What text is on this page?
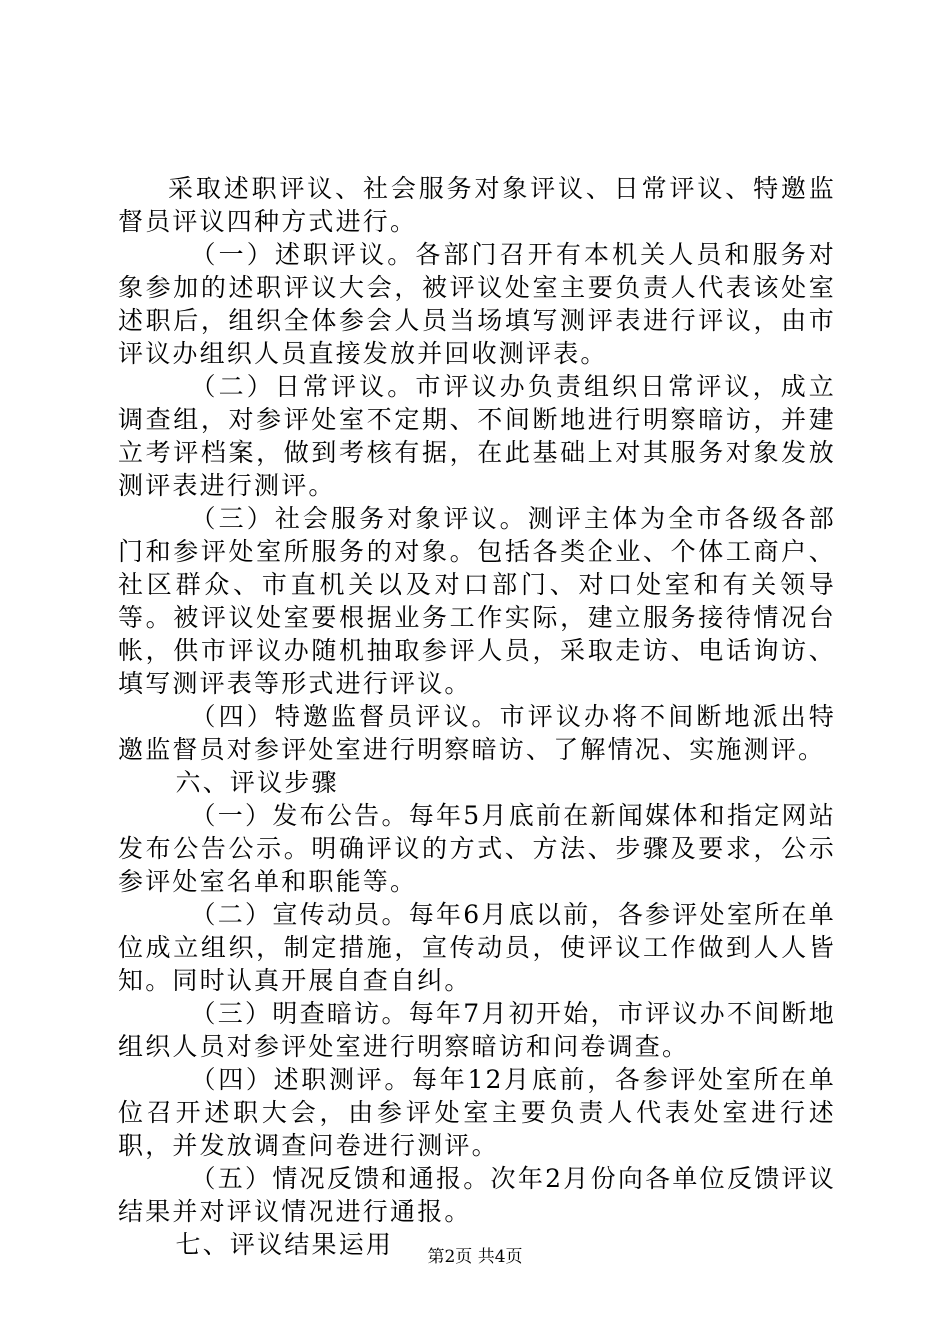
采取述职评议、社会服务对象评议、日常评议、特邀监督员评议四种方式进行。

（一）述职评议。各部门召开有本机关人员和服务对象参加的述职评议大会，被评议处室主要负责人代表该处室述职后，组织全体参会人员当场填写测评表进行评议，由市评议办组织人员直接发放并回收测评表。

（二）日常评议。市评议办负责组织日常评议，成立调查组，对参评处室不定期、不间断地进行明察暗访，并建立考评档案，做到考核有据，在此基础上对其服务对象发放测评表进行测评。

（三）社会服务对象评议。测评主体为全市各级各部门和参评处室所服务的对象。包括各类企业、个体工商户、社区群众、市直机关以及对口部门、对口处室和有关领导等。被评议处室要根据业务工作实际，建立服务接待情况台帐，供市评议办随机抽取参评人员，采取走访、电话询访、填写测评表等形式进行评议。

（四）特邀监督员评议。市评议办将不间断地派出特邀监督员对参评处室进行明察暗访、了解情况、实施测评。

六、评议步骤

（一）发布公告。每年5月底前在新闻媒体和指定网站发布公告公示。明确评议的方式、方法、步骤及要求，公示参评处室名单和职能等。

（二）宣传动员。每年6月底以前，各参评处室所在单位成立组织，制定措施，宣传动员，使评议工作做到人人皆知。同时认真开展自查自纠。

（三）明查暗访。每年7月初开始，市评议办不间断地组织人员对参评处室进行明察暗访和问卷调查。

（四）述职测评。每年12月底前，各参评处室所在单位召开述职大会，由参评处室主要负责人代表处室进行述职，并发放调查问卷进行测评。

（五）情况反馈和通报。次年2月份向各单位反馈评议结果并对评议情况进行通报。

七、评议结果运用	第2页 共4页
